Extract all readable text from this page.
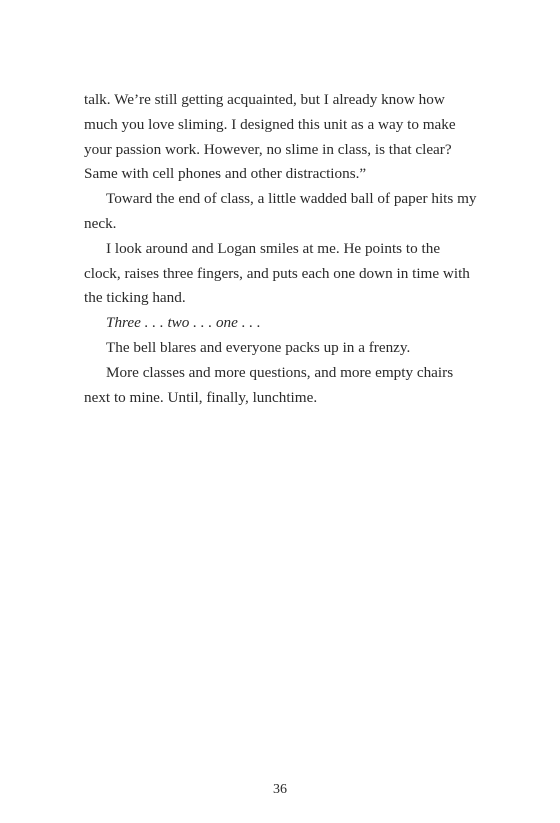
talk. We’re still getting acquainted, but I already know how much you love sliming. I designed this unit as a way to make your passion work. However, no slime in class, is that clear? Same with cell phones and other distractions.”

Toward the end of class, a little wadded ball of paper hits my neck.

I look around and Logan smiles at me. He points to the clock, raises three fingers, and puts each one down in time with the ticking hand.

Three . . . two . . . one . . .

The bell blares and everyone packs up in a frenzy.

More classes and more questions, and more empty chairs next to mine. Until, finally, lunchtime.

36
